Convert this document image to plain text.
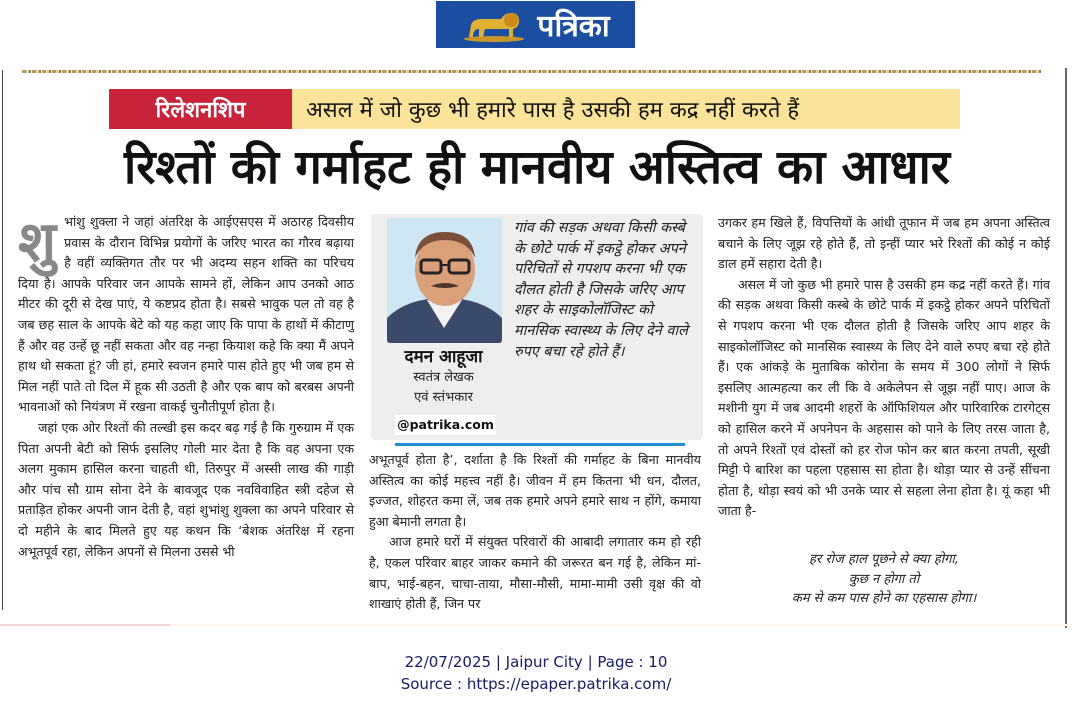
पत्रिका
रिलेशनशिप	असल में जो कुछ भी हमारे पास है उसकी हम कद्र नहीं करते हैं
रिश्तों की गर्माहट ही मानवीय अस्तित्व का आधार
शु भांशु शुक्ला ने जहां अंतरिक्ष के आईएसएस में अठारह दिवसीय प्रवास के दौरान विभिन्न प्रयोगों के जरिए भारत का गौरव बढ़ाया है वहीं व्यक्तिगत तौर पर भी अदम्य सहन शक्ति का परिचय दिया है। आपके परिवार जन आपके सामने हों, लेकिन आप उनको आठ मीटर की दूरी से देख पाएं, ये कष्टप्रद होता है। सबसे भावुक पल तो वह है जब छह साल के आपके बेटे को यह कहा जाए कि पापा के हाथों में कीटाणु हैं और वह उन्हें छू नहीं सकता और वह नन्हा कियाश कहे कि क्या मैं अपने हाथ धो सकता हूं? जी हां, हमारे स्वजन हमारे पास होते हुए भी जब हम से मिल नहीं पाते तो दिल में हूक सी उठती है और एक बाप को बरबस अपनी भावनाओं को नियंत्रण में रखना वाकई चुनौतीपूर्ण होता है।

जहां एक ओर रिश्तों की तल्खी इस कदर बढ़ गई है कि गुरुग्राम में एक पिता अपनी बेटी को सिर्फ इसलिए गोली मार देता है कि वह अपना एक अलग मुकाम हासिल करना चाहती थी, तिरुपुर में अस्सी लाख की गाड़ी और पांच सौ ग्राम सोना देने के बावजूद एक नवविवाहित स्त्री दहेज से प्रताड़ित होकर अपनी जान देती है, वहां शुभांशु शुक्ला का अपने परिवार से दो महीने के बाद मिलते हुए यह कथन कि ‘बेशक अंतरिक्ष में रहना अभूतपूर्व रहा, लेकिन अपनों से मिलना उससे भी

दमन आहूजा
स्वतंत्र लेखक
एवं स्तंभकार
@patrika.com
गांव की सड़क अथवा किसी कस्बे के छोटे पार्क में इकट्ठे होकर अपने परिचितों से गपशप करना भी एक दौलत होती है जिसके जरिए आप शहर के साइकोलॉजिस्ट को मानसिक स्वास्थ्य के लिए देने वाले रुपए बचा रहे होते हैं।

अभूतपूर्व होता है’, दर्शाता है कि रिश्तों की गर्माहट के बिना मानवीय अस्तित्व का कोई महत्त्व नहीं है। जीवन में हम कितना भी धन, दौलत, इज्जत, शोहरत कमा लें, जब तक हमारे अपने हमारे साथ न होंगे, कमाया हुआ बेमानी लगता है।

आज हमारे घरों में संयुक्त परिवारों की आबादी लगातार कम हो रही है, एकल परिवार बाहर जाकर कमाने की जरूरत बन गई है, लेकिन मां-बाप, भाई-बहन, चाचा-ताया, मौसा-मौसी, मामा-मामी उसी वृक्ष की वो शाखाएं होती हैं, जिन पर

उगकर हम खिले हैं, विपत्तियों के आंधी तूफान में जब हम अपना अस्तित्व बचाने के लिए जूझ रहे होते हैं, तो इन्हीं प्यार भरे रिश्तों की कोई न कोई डाल हमें सहारा देती है।

असल में जो कुछ भी हमारे पास है उसकी हम कद्र नहीं करते हैं। गांव की सड़क अथवा किसी कस्बे के छोटे पार्क में इकट्ठे होकर अपने परिचितों से गपशप करना भी एक दौलत होती है जिसके जरिए आप शहर के साइकोलॉजिस्ट को मानसिक स्वास्थ्य के लिए देने वाले रुपए बचा रहे होते हैं। एक आंकड़े के मुताबिक कोरोना के समय में 300 लोगों ने सिर्फ इसलिए आत्महत्या कर ली कि वे अकेलेपन से जूझ नहीं पाए। आज के मशीनी युग में जब आदमी शहरों के ऑफिशियल और पारिवारिक टारगेट्स को हासिल करने में अपनेपन के अहसास को पाने के लिए तरस जाता है, तो अपने रिश्तों एवं दोस्तों को हर रोज फोन कर बात करना तपती, सूखी मिट्टी पे बारिश का पहला एहसास सा होता है। थोड़ा प्यार से उन्हें सींचना होता है, थोड़ा स्वयं को भी उनके प्यार से सहला लेना होता है। यूं कहा भी जाता है-

हर रोज हाल पूछने से क्या होगा,
कुछ न होगा तो
कम से कम पास होने का एहसास होगा।
22/07/2025 | Jaipur City | Page : 10
Source : https://epaper.patrika.com/
